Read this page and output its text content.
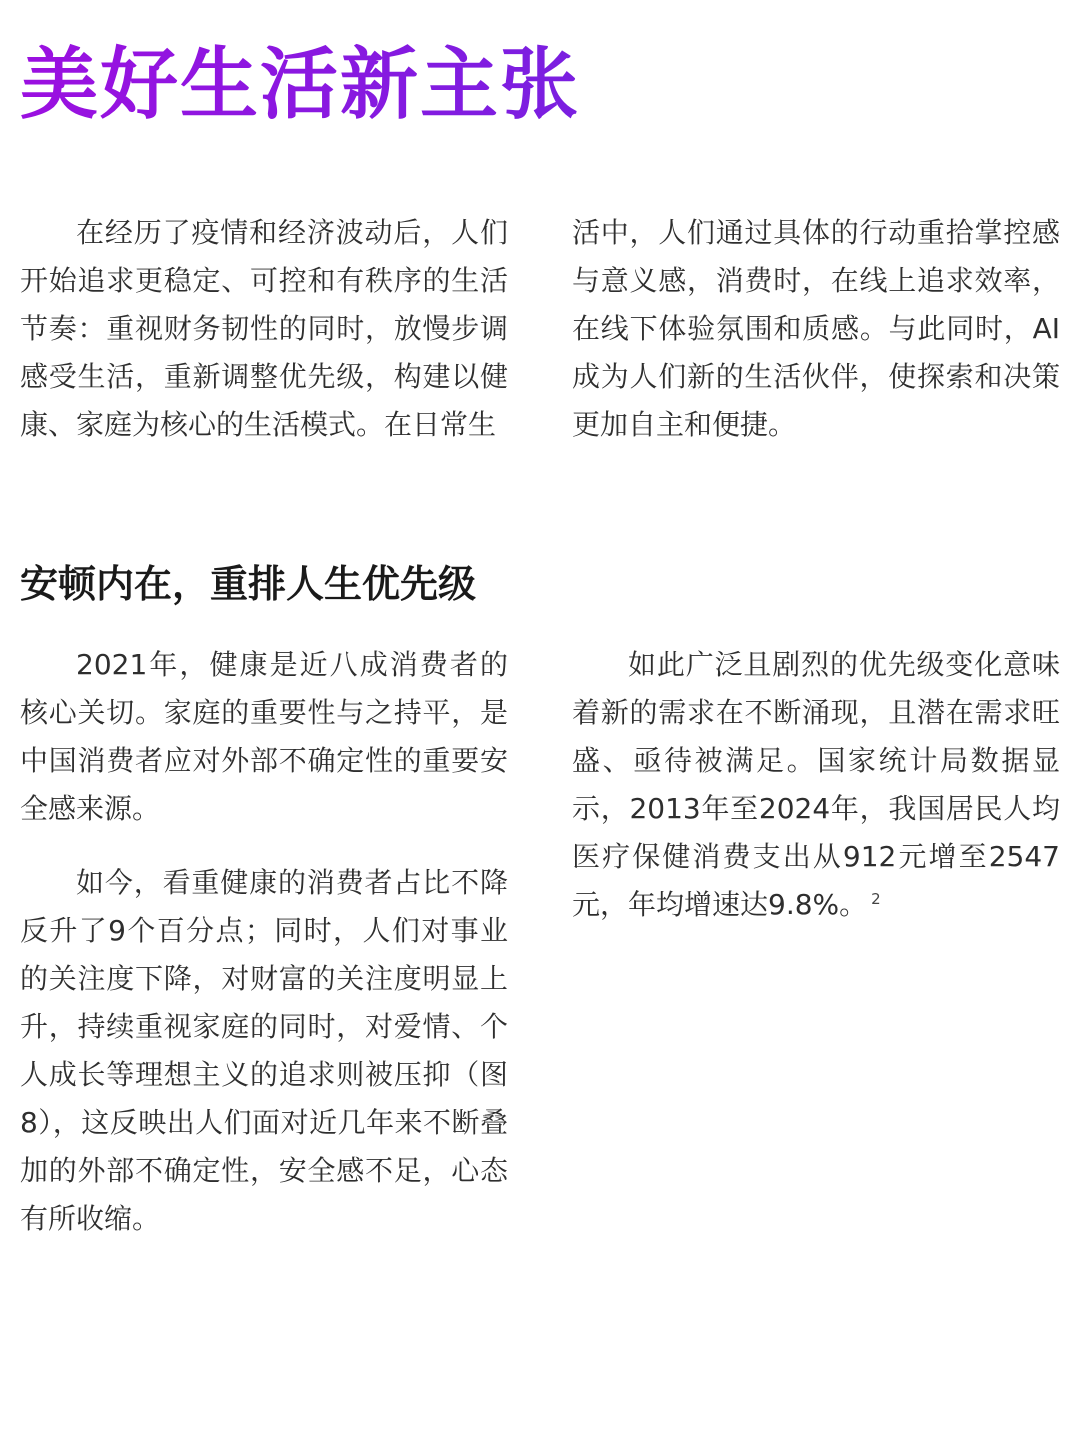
美好生活新主张

在经历了疫情和经济波动后，人们开始追求更稳定、可控和有秩序的生活节奏：重视财务韧性的同时，放慢步调感受生活，重新调整优先级，构建以健康、家庭为核心的生活模式。在日常生

活中，人们通过具体的行动重拾掌控感与意义感，消费时，在线上追求效率，在线下体验氛围和质感。与此同时，AI成为人们新的生活伙伴，使探索和决策更加自主和便捷。

安顿内在，重排人生优先级

2021年，健康是近八成消费者的核心关切。家庭的重要性与之持平，是中国消费者应对外部不确定性的重要安全感来源。

如今，看重健康的消费者占比不降反升了9个百分点；同时，人们对事业的关注度下降，对财富的关注度明显上升，持续重视家庭的同时，对爱情、个人成长等理想主义的追求则被压抑（图8），这反映出人们面对近几年来不断叠加的外部不确定性，安全感不足，心态有所收缩。

如此广泛且剧烈的优先级变化意味着新的需求在不断涌现，且潜在需求旺盛、亟待被满足。国家统计局数据显示，2013年至2024年，我国居民人均医疗保健消费支出从912元增至2547元，年均增速达9.8%。 $^2$
